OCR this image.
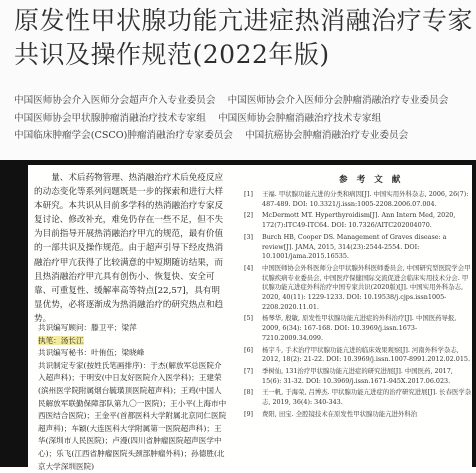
原发性甲状腺功能亢进症热消融治疗专家
共识及操作规范(2022年版)
中国医师协会介入医师分会超声介入专业委员会 中国医师协会介入医师分会肿瘤消融治疗专业委员会    中国医师协会甲状腺肿瘤消融治疗技术专家组 中国医师协会肿瘤消融治疗技术专家组    中国临床肿瘤学会(CSCO)肿瘤消融治疗专家委员会 中国抗癌协会肿瘤消融治疗专业委员会

量、术后药物管理、热消融治疗术后免疫反应的动态变化等系列问题既是一步的探索和进行大样本研究。本共识从目前多学科的热消融治疗专家反复讨论、修改补充，难免仍存在一些不足，但不失为目前指导开展热消融治疗甲亢的规范，最有价值的一部共识及操作规范。由于超声引导下经皮热消融治疗甲亢获得了比较满意的中短期随访结果，而且热消融治疗甲亢具有创伤小、恢复快、安全可靠、可重复性、缓解率高等特点[22,57]，具有明显优势，必将逐渐成为热消融治疗的研究热点和趋势。

共识编写顾问：滕卫平；梁萍
执笔：汤长江
共识编写秘书：叶侑伍；梁晓峰
共识制定专家(按姓氏笔画排序)：于杰(解放军总医院介入超声科)；于明安(中日友好医院介入医学科)；王建荣(滨州医学院附属烟台毓璜顶医院超声科)；王鸡(中国人民解放军联勤保障部队第九〇一医院)；王小平(上海市中西医结合医院)；王金平(首都医科大学附属北京同仁医院超声科)；车颖(大连医科大学附属第一医院超声科)；王华(深圳市人民医院)；卢漫(四川省肿瘤医院超声医学中心)；乐飞(江西省肿瘤医院头颈部肿瘤外科)；孙德胜(北京大学深圳医院)
参 考 文 献
[1]	王福. 甲状腺功能亢进的分类和病因[J]. 中国实用外科杂志, 2006, 26(7): 487-489. DOI: 10.3321/j.issn:1005-2208.2006.07.004.
[2]	McDermott MT. Hyperthyroidism[J]. Ann Intern Med, 2020, 172(7):ITC49-ITC64. DOI: 10.7326/AITC202004070.
[3]	Burch HB, Cooper DS. Management of Graves disease: a review[J]. JAMA, 2015, 314(23):2544-2554. DOI: 10.1001/jama.2015.16535.
[4]	中国医师协会外科医师分会甲状腺外科医师委员会, 中国研究型医院学会甲状腺疾病专业委员会, 中国医疗保健国际交流促进会临床实用技术分会. 甲状腺功能亢进症外科治疗中国专家共识(2020版)[J]. 中国实用外科杂志, 2020, 40(11): 1229-1233. DOI: 10.19538/j.cjps.issn1005-2208.2020.11.01.
[5]	杨琴华, 殷敏, 原发性甲状腺功能亢进症的外科治疗[J]. 中国医药导报, 2009, 6(34): 167-168. DOI: 10.3969/j.issn.1673-7210.2009.34.099.
[6]	杨宇斗, 手术治疗甲状腺功能亢进的临床效果观察[J]. 河南外科学杂志, 2012, 18(2): 21-22. DOI: 10.3969/j.issn.1007-8991.2012.02.015.
[7]	季树仙, 131治疗甲状腺功能亢进症的研究进展[J]. 中国医药, 2017, 15(6): 31-32. DOI: 10.3969/j.issn.1671-945X.2017.06.023.
[8]	王一帆, 于海荣, 吕博杰. 甲状腺功能亢进症的治疗研究进展[J]. 长春医学杂志, 2019, 36(4): 340-343.
[9]	费阳, 田宝. 全腔镜技术在原发性甲状腺功能亢进外科治
